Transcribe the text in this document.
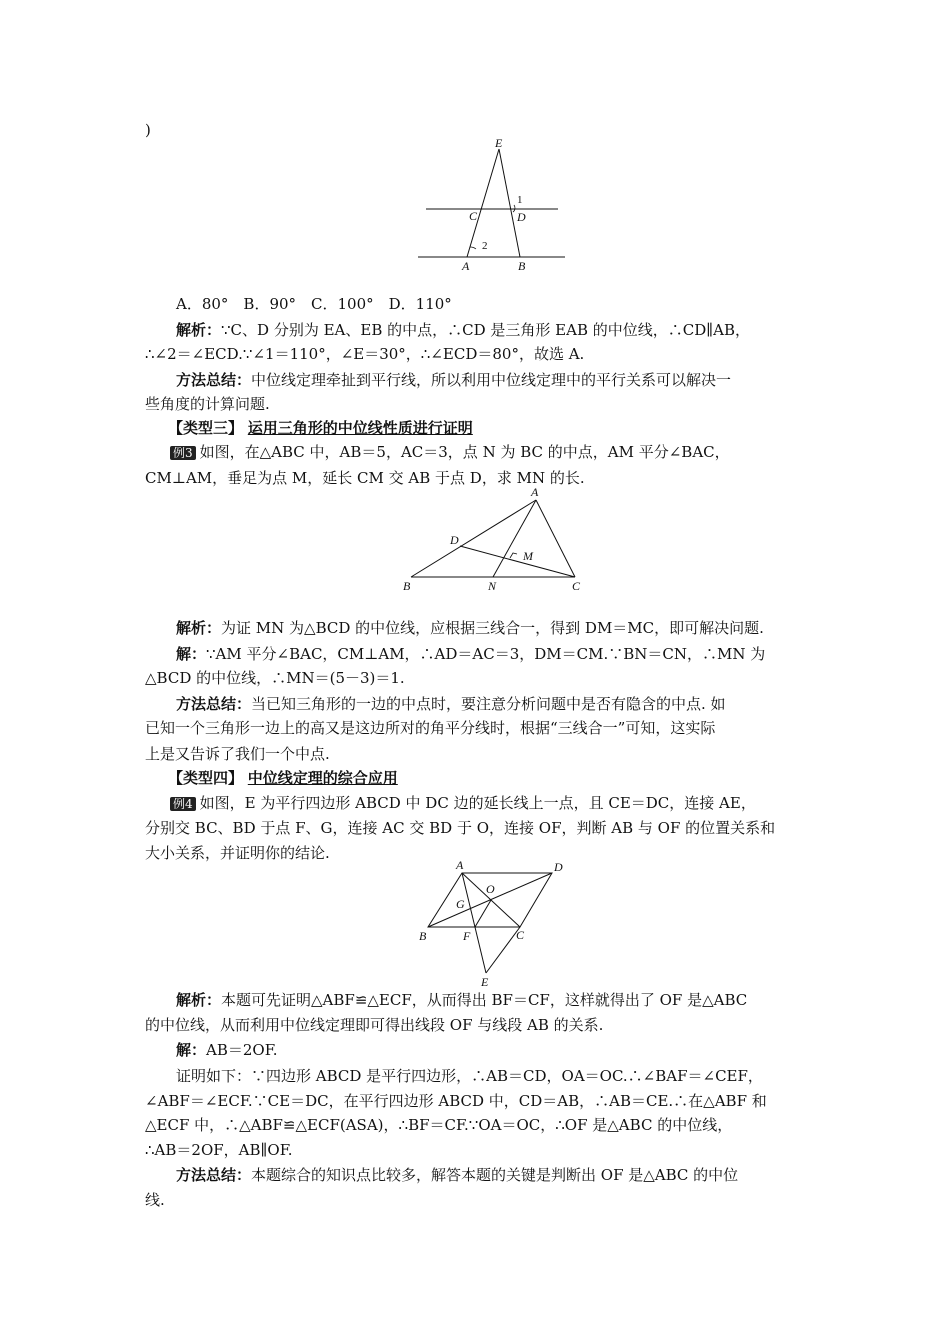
)
E
C	D
1
2
A	B
A．80°　B．90°　C．100°　D．110°
解析：∵C、D 分别为 EA、EB 的中点，∴CD 是三角形 EAB 的中位线，∴CD∥AB，
∴∠2＝∠ECD.∵∠1＝110°，∠E＝30°，∴∠ECD＝80°，故选 A.
方法总结：中位线定理牵扯到平行线，所以利用中位线定理中的平行关系可以解决一
些角度的计算问题.
【类型三】 运用三角形的中位线性质进行证明
例3 如图，在△ABC 中，AB＝5，AC＝3，点 N 为 BC 的中点，AM 平分∠BAC，
CM⊥AM，垂足为点 M，延长 CM 交 AB 于点 D，求 MN 的长.
A
D
M
B	N	C
解析：为证 MN 为△BCD 的中位线，应根据三线合一，得到 DM＝MC，即可解决问题.
解：∵AM 平分∠BAC，CM⊥AM，∴AD＝AC＝3，DM＝CM.∵BN＝CN，∴MN 为
△BCD 的中位线，∴MN＝(5－3)＝1.
方法总结：当已知三角形的一边的中点时，要注意分析问题中是否有隐含的中点. 如
已知一个三角形一边上的高又是这边所对的角平分线时，根据“三线合一”可知，这实际
上是又告诉了我们一个中点.
【类型四】 中位线定理的综合应用
例4 如图，E 为平行四边形 ABCD 中 DC 边的延长线上一点，且 CE＝DC，连接 AE，
分别交 BC、BD 于点 F、G，连接 AC 交 BD 于 O，连接 OF，判断 AB 与 OF 的位置关系和
大小关系，并证明你的结论.
A	D
O
G
B	F	C
E
解析：本题可先证明△ABF≌△ECF，从而得出 BF＝CF，这样就得出了 OF 是△ABC
的中位线，从而利用中位线定理即可得出线段 OF 与线段 AB 的关系.
解：AB＝2OF.
证明如下：∵四边形 ABCD 是平行四边形，∴AB＝CD，OA＝OC.∴∠BAF＝∠CEF，
∠ABF＝∠ECF.∵CE＝DC，在平行四边形 ABCD 中，CD＝AB，∴AB＝CE.∴在△ABF 和
△ECF 中，∴△ABF≌△ECF(ASA)，∴BF＝CF.∵OA＝OC，∴OF 是△ABC 的中位线，
∴AB＝2OF，AB∥OF.
方法总结：本题综合的知识点比较多，解答本题的关键是判断出 OF 是△ABC 的中位
线.
